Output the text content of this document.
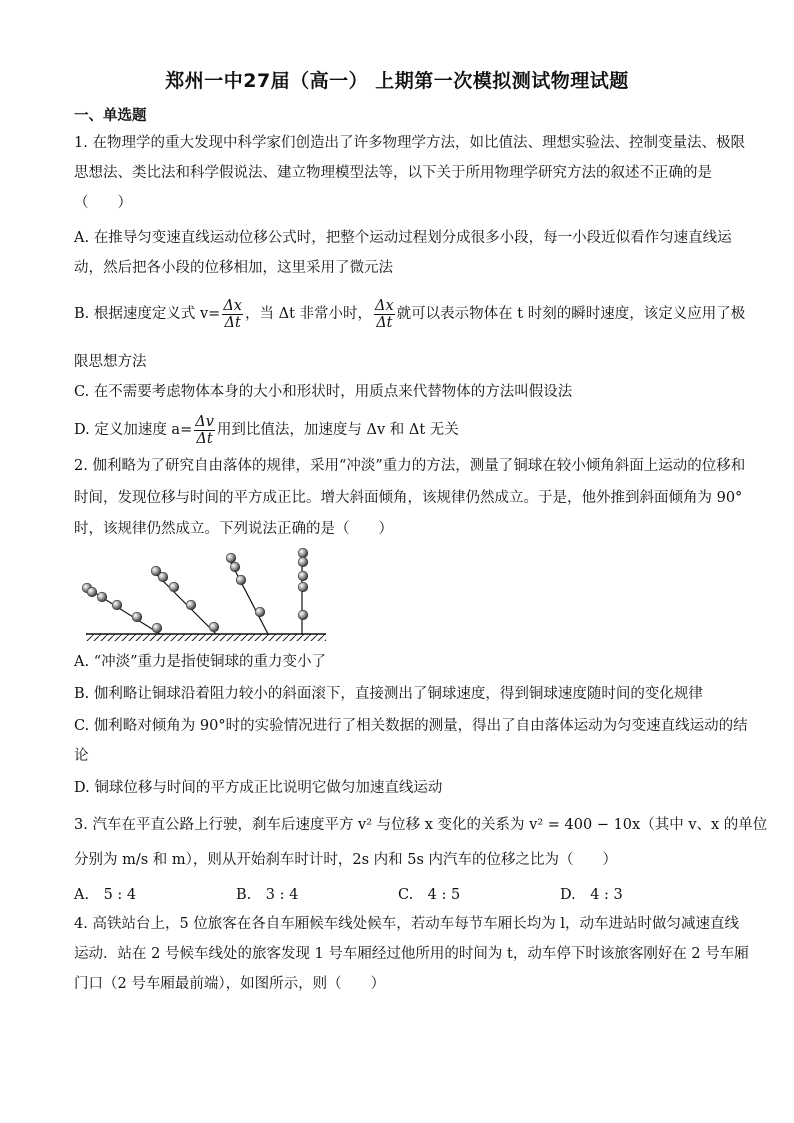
郑州一中27届（高一） 上期第一次模拟测试物理试题
一、单选题
1. 在物理学的重大发现中科学家们创造出了许多物理学方法，如比值法、理想实验法、控制变量法、极限
思想法、类比法和科学假说法、建立物理模型法等，以下关于所用物理学研究方法的叙述不正确的是
（　　）
A. 在推导匀变速直线运动位移公式时，把整个运动过程划分成很多小段，每一小段近似看作匀速直线运
动，然后把各小段的位移相加，这里采用了微元法
B. 根据速度定义式 $v= \frac{\Delta x}{\Delta t}$ ，当 Δt 非常小时， $\frac{\Delta x}{\Delta t}$ 就可以表示物体在 t 时刻的瞬时速度，该定义应用了极
限思想方法
C. 在不需要考虑物体本身的大小和形状时，用质点来代替物体的方法叫假设法
D. 定义加速度 $a= \frac{\Delta v}{\Delta t}$ 用到比值法，加速度与 Δv 和 Δt 无关
2. 伽利略为了研究自由落体的规律，采用“冲淡”重力的方法，测量了铜球在较小倾角斜面上运动的位移和
时间，发现位移与时间的平方成正比。增大斜面倾角，该规律仍然成立。于是，他外推到斜面倾角为 90°
时，该规律仍然成立。下列说法正确的是（　　）
A. “冲淡”重力是指使铜球的重力变小了
B. 伽利略让铜球沿着阻力较小的斜面滚下，直接测出了铜球速度，得到铜球速度随时间的变化规律
C. 伽利略对倾角为 90°时的实验情况进行了相关数据的测量，得出了自由落体运动为匀变速直线运动的结
论
D. 铜球位移与时间的平方成正比说明它做匀加速直线运动
3. 汽车在平直公路上行驶，刹车后速度平方 v² 与位移 x 变化的关系为 v² = 400 − 10x（其中 v、x 的单位
分别为 m/s 和 m），则从开始刹车时计时，2s 内和 5s 内汽车的位移之比为（　　）
A.　5 : 4	B.　3 : 4	C.　4 : 5	D.　4 : 3
4. 高铁站台上，5 位旅客在各自车厢候车线处候车，若动车每节车厢长均为 l，动车进站时做匀减速直线
运动．站在 2 号候车线处的旅客发现 1 号车厢经过他所用的时间为 t，动车停下时该旅客刚好在 2 号车厢
门口（2 号车厢最前端），如图所示，则（　　）
